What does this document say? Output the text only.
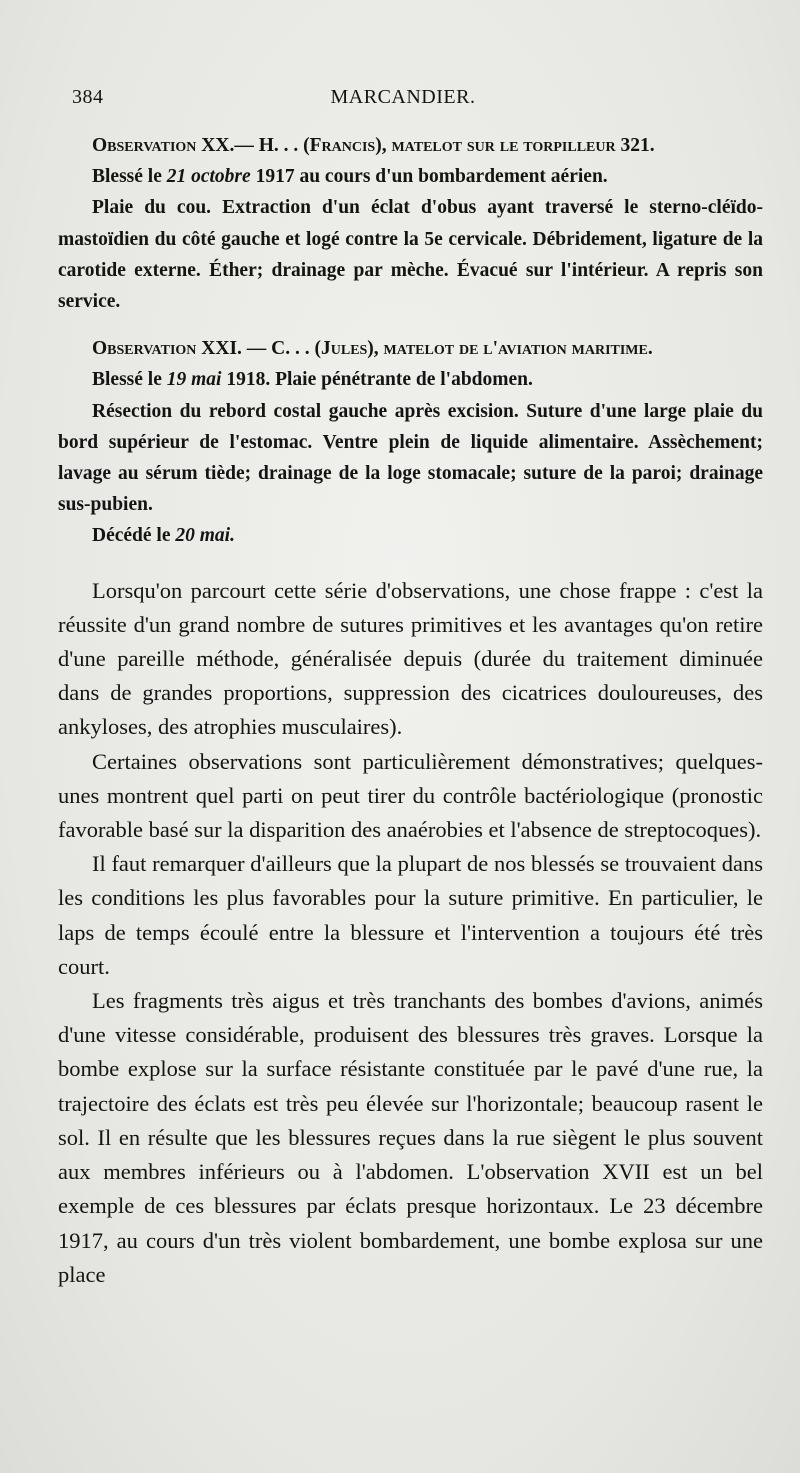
384	MARCANDIER.

Observation XX.— H. . . (Francis), matelot sur le torpilleur 321.

Blessé le 21 octobre 1917 au cours d'un bombardement aérien.

Plaie du cou. Extraction d'un éclat d'obus ayant traversé le sterno-cléïdo-mastoïdien du côté gauche et logé contre la 5e cervicale. Débridement, ligature de la carotide externe. Éther; drainage par mèche. Évacué sur l'intérieur. A repris son service.

Observation XXI. — C. . . (Jules), matelot de l'aviation maritime.

Blessé le 19 mai 1918. Plaie pénétrante de l'abdomen.

Résection du rebord costal gauche après excision. Suture d'une large plaie du bord supérieur de l'estomac. Ventre plein de liquide alimentaire. Assèchement; lavage au sérum tiède; drainage de la loge stomacale; suture de la paroi; drainage sus-pubien.

Décédé le 20 mai.

Lorsqu'on parcourt cette série d'observations, une chose frappe : c'est la réussite d'un grand nombre de sutures primitives et les avantages qu'on retire d'une pareille méthode, généralisée depuis (durée du traitement diminuée dans de grandes proportions, suppression des cicatrices douloureuses, des ankyloses, des atrophies musculaires).

Certaines observations sont particulièrement démonstratives; quelques-unes montrent quel parti on peut tirer du contrôle bactériologique (pronostic favorable basé sur la disparition des anaérobies et l'absence de streptocoques).

Il faut remarquer d'ailleurs que la plupart de nos blessés se trouvaient dans les conditions les plus favorables pour la suture primitive. En particulier, le laps de temps écoulé entre la blessure et l'intervention a toujours été très court.

Les fragments très aigus et très tranchants des bombes d'avions, animés d'une vitesse considérable, produisent des blessures très graves. Lorsque la bombe explose sur la surface résistante constituée par le pavé d'une rue, la trajectoire des éclats est très peu élevée sur l'horizontale; beaucoup rasent le sol. Il en résulte que les blessures reçues dans la rue siègent le plus souvent aux membres inférieurs ou à l'abdomen. L'observation XVII est un bel exemple de ces blessures par éclats presque horizontaux. Le 23 décembre 1917, au cours d'un très violent bombardement, une bombe explosa sur une place
